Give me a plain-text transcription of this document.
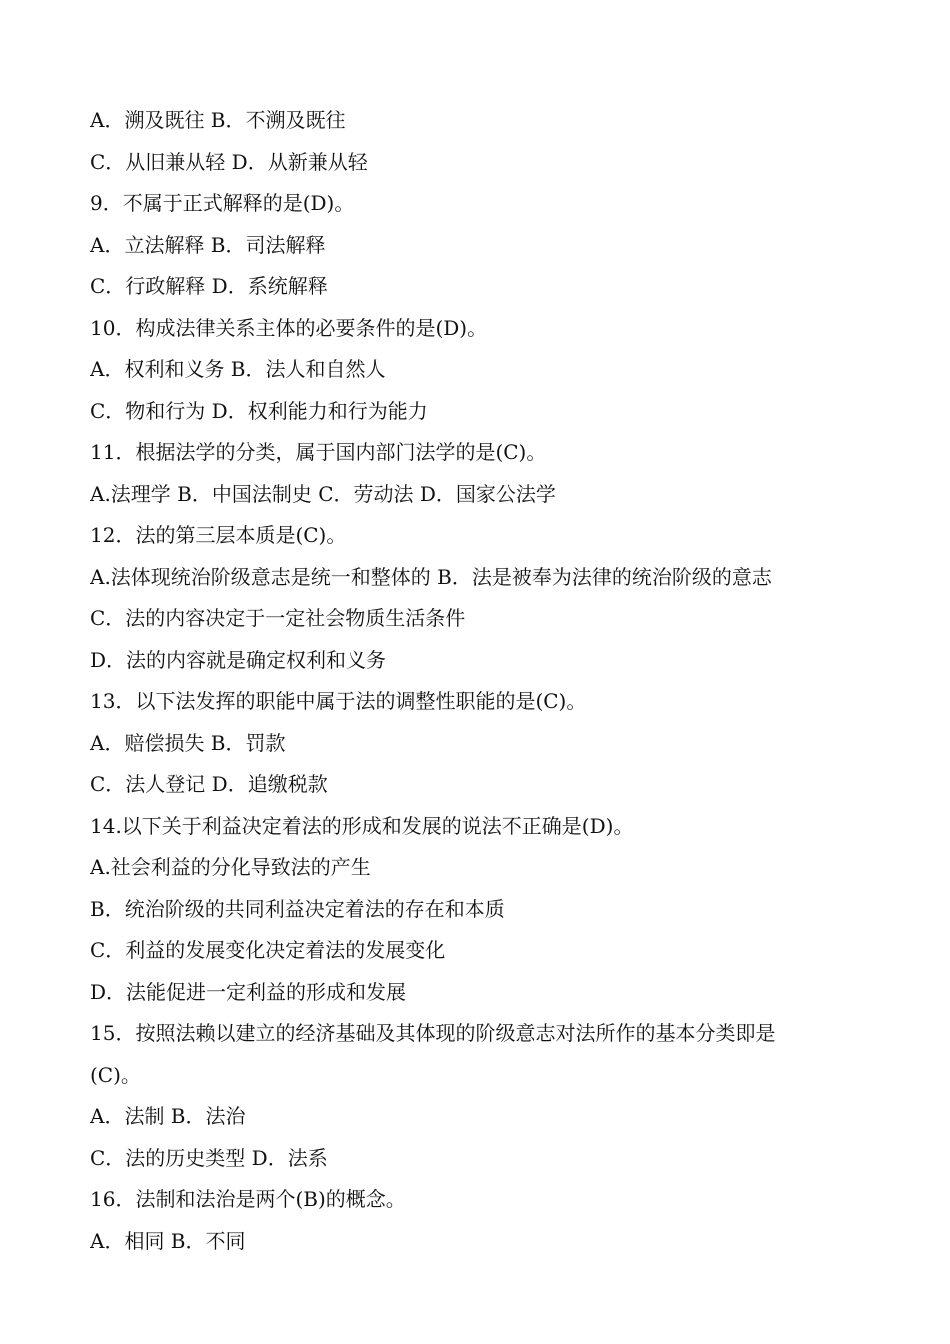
A．溯及既往 B．不溯及既往
C．从旧兼从轻 D．从新兼从轻
9．不属于正式解释的是(D)。
A．立法解释 B．司法解释
C．行政解释 D．系统解释
10．构成法律关系主体的必要条件的是(D)。
A．权利和义务 B．法人和自然人
C．物和行为 D．权利能力和行为能力
11．根据法学的分类，属于国内部门法学的是(C)。
A.法理学 B．中国法制史 C．劳动法 D．国家公法学
12．法的第三层本质是(C)。
A.法体现统治阶级意志是统一和整体的 B．法是被奉为法律的统治阶级的意志
C．法的内容决定于一定社会物质生活条件
D．法的内容就是确定权利和义务
13．以下法发挥的职能中属于法的调整性职能的是(C)。
A．赔偿损失 B．罚款
C．法人登记 D．追缴税款
14.以下关于利益决定着法的形成和发展的说法不正确是(D)。
A.社会利益的分化导致法的产生
B．统治阶级的共同利益决定着法的存在和本质
C．利益的发展变化决定着法的发展变化
D．法能促进一定利益的形成和发展
15．按照法赖以建立的经济基础及其体现的阶级意志对法所作的基本分类即是
(C)。
A．法制 B．法治
C．法的历史类型 D．法系
16．法制和法治是两个(B)的概念。
A．相同 B．不同
